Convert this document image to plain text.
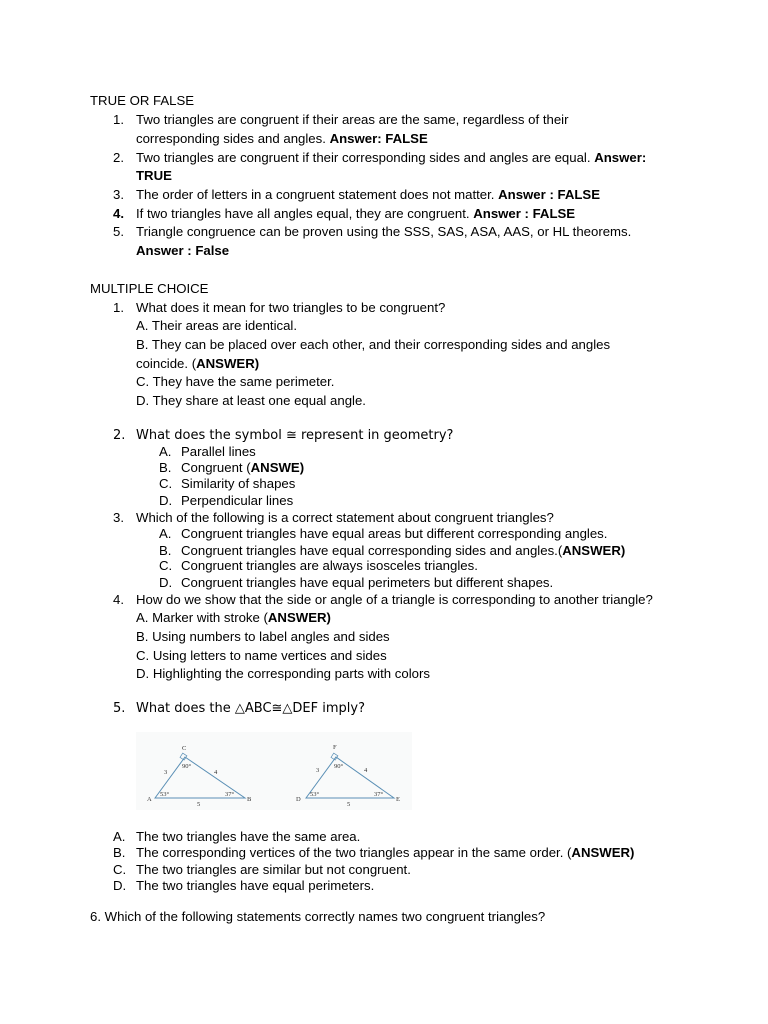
TRUE OR FALSE
1. Two triangles are congruent if their areas are the same, regardless of their
corresponding sides and angles. Answer: FALSE
2. Two triangles are congruent if their corresponding sides and angles are equal. Answer:
TRUE
3. The order of letters in a congruent statement does not matter. Answer : FALSE
4. If two triangles have all angles equal, they are congruent. Answer : FALSE
5. Triangle congruence can be proven using the SSS, SAS, ASA, AAS, or HL theorems.
Answer : False
MULTIPLE CHOICE
1. What does it mean for two triangles to be congruent?
A. Their areas are identical.
B. They can be placed over each other, and their corresponding sides and angles
coincide. (ANSWER)
C. They have the same perimeter.
D. They share at least one equal angle.
2. What does the symbol ≅ represent in geometry?
A. Parallel lines
B. Congruent (ANSWE)
C. Similarity of shapes
D. Perpendicular lines
3. Which of the following is a correct statement about congruent triangles?
A. Congruent triangles have equal areas but different corresponding angles.
B. Congruent triangles have equal corresponding sides and angles.(ANSWER)
C. Congruent triangles are always isosceles triangles.
D. Congruent triangles have equal perimeters but different shapes.
4. How do we show that the side or angle of a triangle is corresponding to another triangle?
A. Marker with stroke (ANSWER)
B. Using numbers to label angles and sides
C. Using letters to name vertices and sides
D. Highlighting the corresponding parts with colors
5. What does the △ABC≅△DEF imply?
C
A	B
3	4
5
90°
53°	37°
F
D	E
3	4
5
90°
53°	37°
A. The two triangles have the same area.
B. The corresponding vertices of the two triangles appear in the same order. (ANSWER)
C. The two triangles are similar but not congruent.
D. The two triangles have equal perimeters.
6. Which of the following statements correctly names two congruent triangles?
